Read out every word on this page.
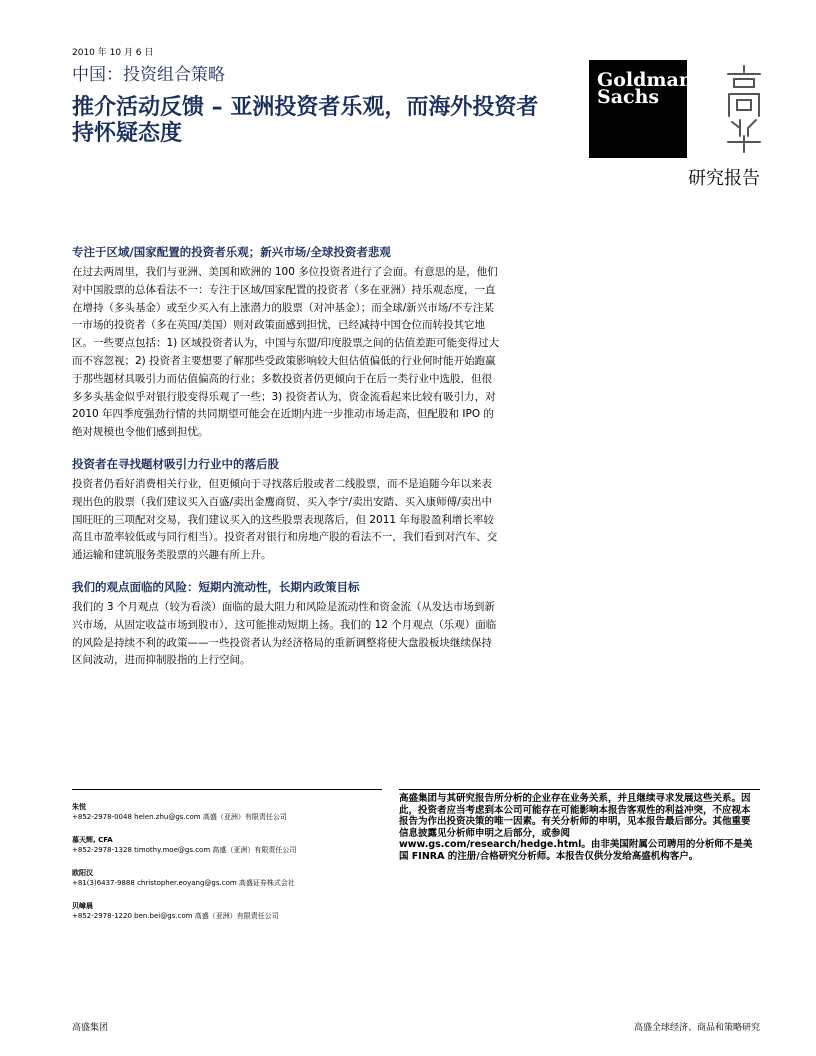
2010 年 10 月 6 日
中国：投资组合策略
推介活动反馈 – 亚洲投资者乐观，而海外投资者持怀疑态度
Goldman
Sachs
研究报告
专注于区域/国家配置的投资者乐观；新兴市场/全球投资者悲观

在过去两周里，我们与亚洲、美国和欧洲的 100 多位投资者进行了会面。有意思的是，他们对中国股票的总体看法不一：专注于区域/国家配置的投资者（多在亚洲）持乐观态度，一直在增持（多头基金）或至少买入有上涨潜力的股票（对冲基金）；而全球/新兴市场/不专注某一市场的投资者（多在英国/美国）则对政策面感到担忧，已经减持中国仓位而转投其它地区。一些要点包括：1) 区域投资者认为，中国与东盟/印度股票之间的估值差距可能变得过大而不容忽视；2) 投资者主要想要了解那些受政策影响较大但估值偏低的行业何时能开始跑赢于那些题材具吸引力而估值偏高的行业；多数投资者仍更倾向于在后一类行业中选股，但很多多头基金似乎对银行股变得乐观了一些；3) 投资者认为，资金流看起来比较有吸引力，对 2010 年四季度强劲行情的共同期望可能会在近期内进一步推动市场走高，但配股和 IPO 的绝对规模也令他们感到担忧。

投资者在寻找题材吸引力行业中的落后股

投资者仍看好消费相关行业，但更倾向于寻找落后股或者二线股票，而不是追随今年以来表现出色的股票（我们建议买入百盛/卖出金鹰商贸、买入李宁/卖出安踏、买入康师傅/卖出中国旺旺的三项配对交易，我们建议买入的这些股票表现落后，但 2011 年每股盈利增长率较高且市盈率较低或与同行相当）。投资者对银行和房地产股的看法不一，我们看到对汽车、交通运输和建筑服务类股票的兴趣有所上升。

我们的观点面临的风险：短期内流动性，长期内政策目标

我们的 3 个月观点（较为看淡）面临的最大阻力和风险是流动性和资金流（从发达市场到新兴市场，从固定收益市场到股市），这可能推动短期上扬。我们的 12 个月观点（乐观）面临的风险是持续不利的政策——一些投资者认为经济格局的重新调整将使大盘股板块继续保持区间波动，进而抑制股指的上行空间。

朱悦
+852-2978-0048 helen.zhu@gs.com 高盛（亚洲）有限责任公司
慕天辉, CFA
+852-2978-1328 timothy.moe@gs.com 高盛（亚洲）有限责任公司
欧阳汉
+81(3)6437-9888 christopher.eoyang@gs.com 高盛证券株式会社
贝嶂晨
+852-2978-1220 ben.bei@gs.com 高盛（亚洲）有限责任公司
高盛集团与其研究报告所分析的企业存在业务关系，并且继续寻求发展这些关系。因此，投资者应当考虑到本公司可能存在可能影响本报告客观性的利益冲突，不应视本报告为作出投资决策的唯一因素。有关分析师的申明，见本报告最后部分。其他重要信息披露见分析师申明之后部分，或参阅 www.gs.com/research/hedge.html。由非美国附属公司聘用的分析师不是美国 FINRA 的注册/合格研究分析师。本报告仅供分发给高盛机构客户。
高盛集团	高盛全球经济、商品和策略研究
